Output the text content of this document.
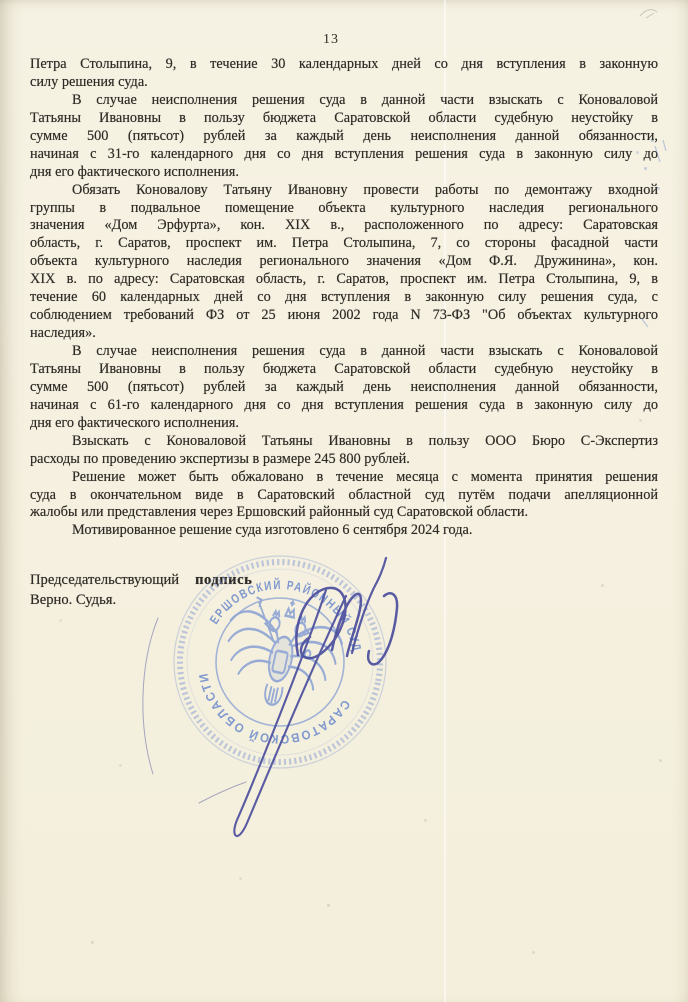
13
Петра Столыпина, 9, в течение 30 календарных дней со дня вступления в законную
силу решения суда.
В случае неисполнения решения суда в данной части взыскать с Коноваловой
Татьяны Ивановны в пользу бюджета Саратовской области судебную неустойку в
сумме 500 (пятьсот) рублей за каждый день неисполнения данной обязанности,
начиная с 31-го календарного дня со дня вступления решения суда в законную силу до
дня его фактического исполнения.
Обязать Коновалову Татьяну Ивановну провести работы по демонтажу входной
группы в подвальное помещение объекта культурного наследия регионального
значения «Дом Эрфурта», кон. XIX в., расположенного по адресу: Саратовская
область, г. Саратов, проспект им. Петра Столыпина, 7, со стороны фасадной части
объекта культурного наследия регионального значения «Дом Ф.Я. Дружинина», кон.
XIX в. по адресу: Саратовская область, г. Саратов, проспект им. Петра Столыпина, 9, в
течение 60 календарных дней со дня вступления в законную силу решения суда, с
соблюдением требований ФЗ от 25 июня 2002 года N 73-ФЗ "Об объектах культурного
наследия».
В случае неисполнения решения суда в данной части взыскать с Коноваловой
Татьяны Ивановны в пользу бюджета Саратовской области судебную неустойку в
сумме 500 (пятьсот) рублей за каждый день неисполнения данной обязанности,
начиная с 61-го календарного дня со дня вступления решения суда в законную силу до
дня его фактического исполнения.
Взыскать с Коноваловой Татьяны Ивановны в пользу ООО Бюро С-Экспертиз
расходы по проведению экспертизы в размере 245 800 рублей.
Решение может быть обжаловано в течение месяца с момента принятия решения
суда в окончательном виде в Саратовский областной суд путём подачи апелляционной
жалобы или представления через Ершовский районный суд Саратовской области.
Мотивированное решение суда изготовлено 6 сентября 2024 года.
Председательствующий подпись
Верно. Судья.
ЕРШОВСКИЙ РАЙОННЫЙ СУД
САРАТОВСКОЙ ОБЛАСТИ
